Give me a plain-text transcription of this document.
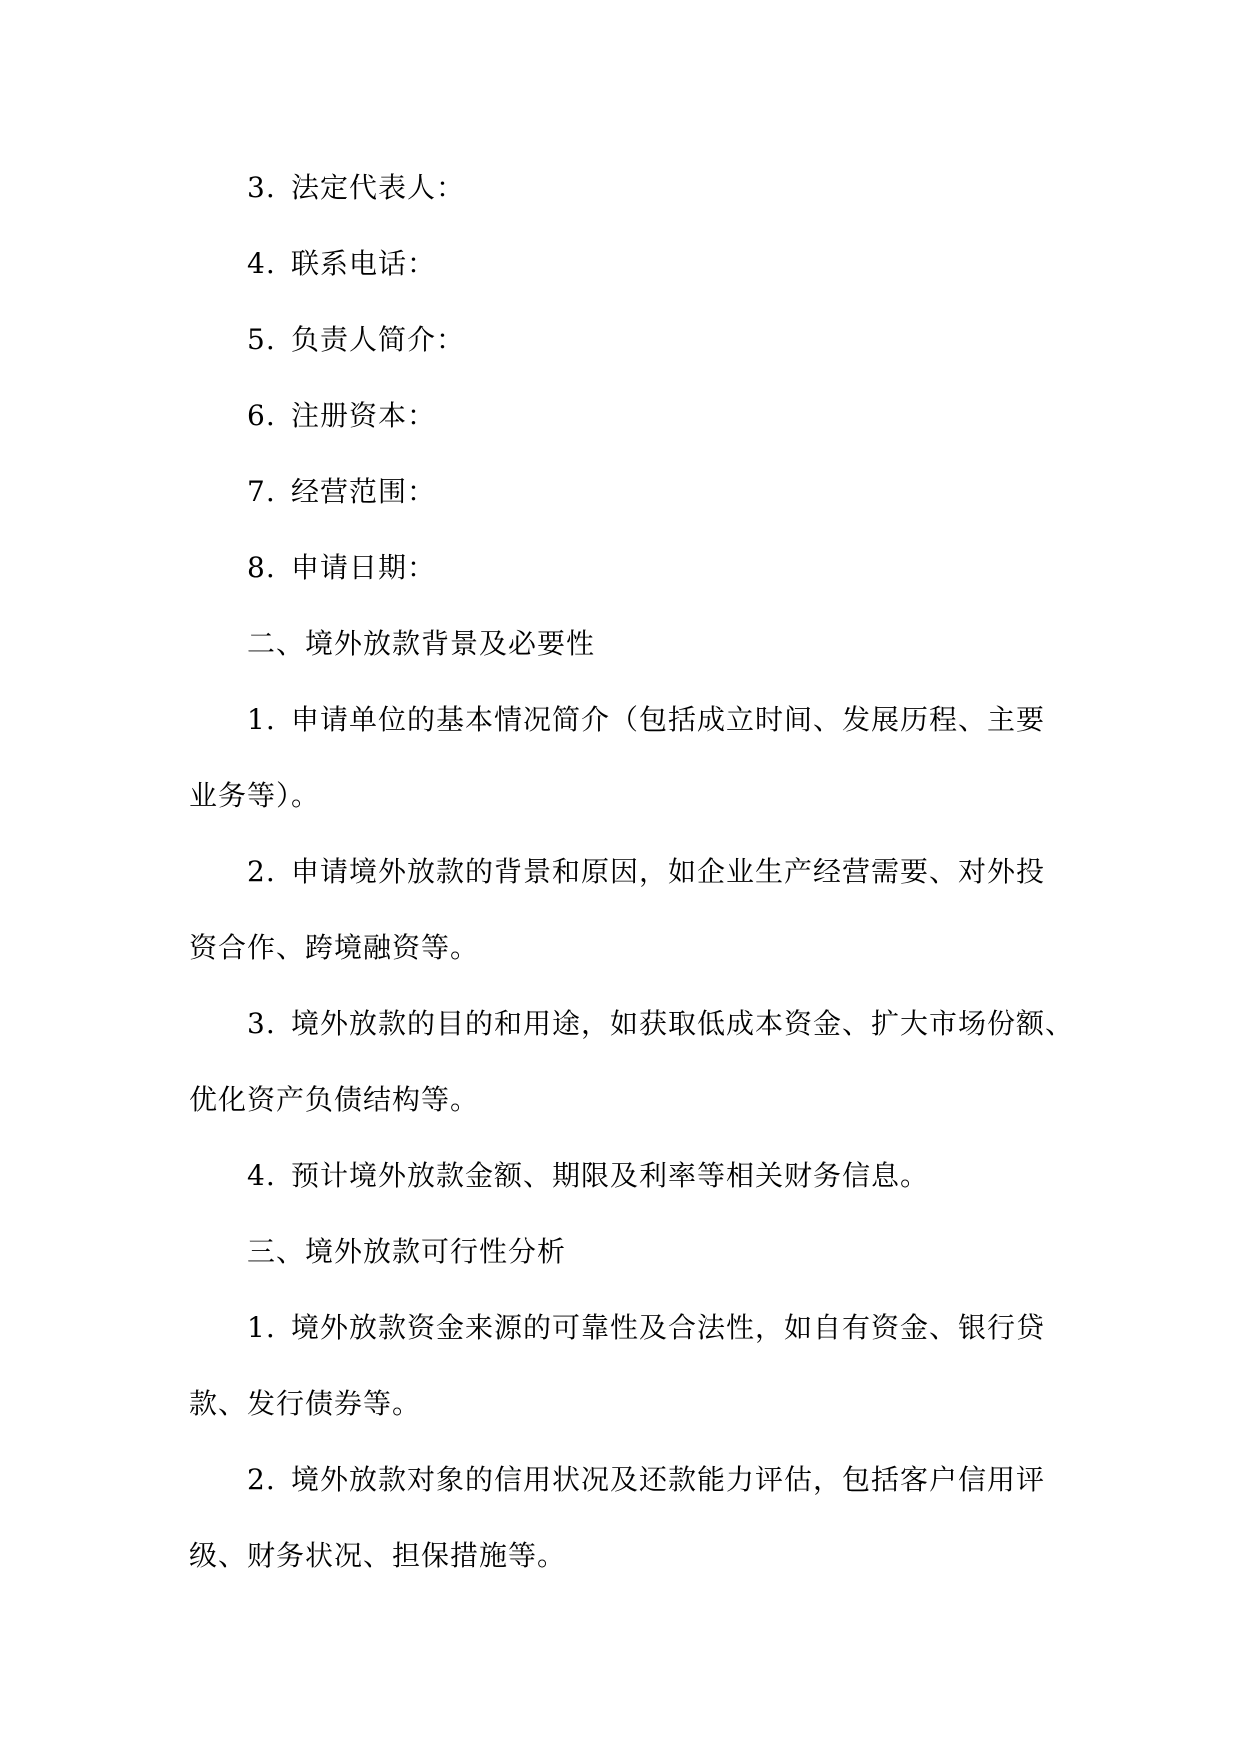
3. 法定代表人：
4. 联系电话：
5. 负责人简介：
6. 注册资本：
7. 经营范围：
8. 申请日期：
二、境外放款背景及必要性
1. 申请单位的基本情况简介（包括成立时间、发展历程、主要
业务等）。
2. 申请境外放款的背景和原因，如企业生产经营需要、对外投
资合作、跨境融资等。
3. 境外放款的目的和用途，如获取低成本资金、扩大市场份额、
优化资产负债结构等。
4. 预计境外放款金额、期限及利率等相关财务信息。
三、境外放款可行性分析
1. 境外放款资金来源的可靠性及合法性，如自有资金、银行贷
款、发行债券等。
2. 境外放款对象的信用状况及还款能力评估，包括客户信用评
级、财务状况、担保措施等。
